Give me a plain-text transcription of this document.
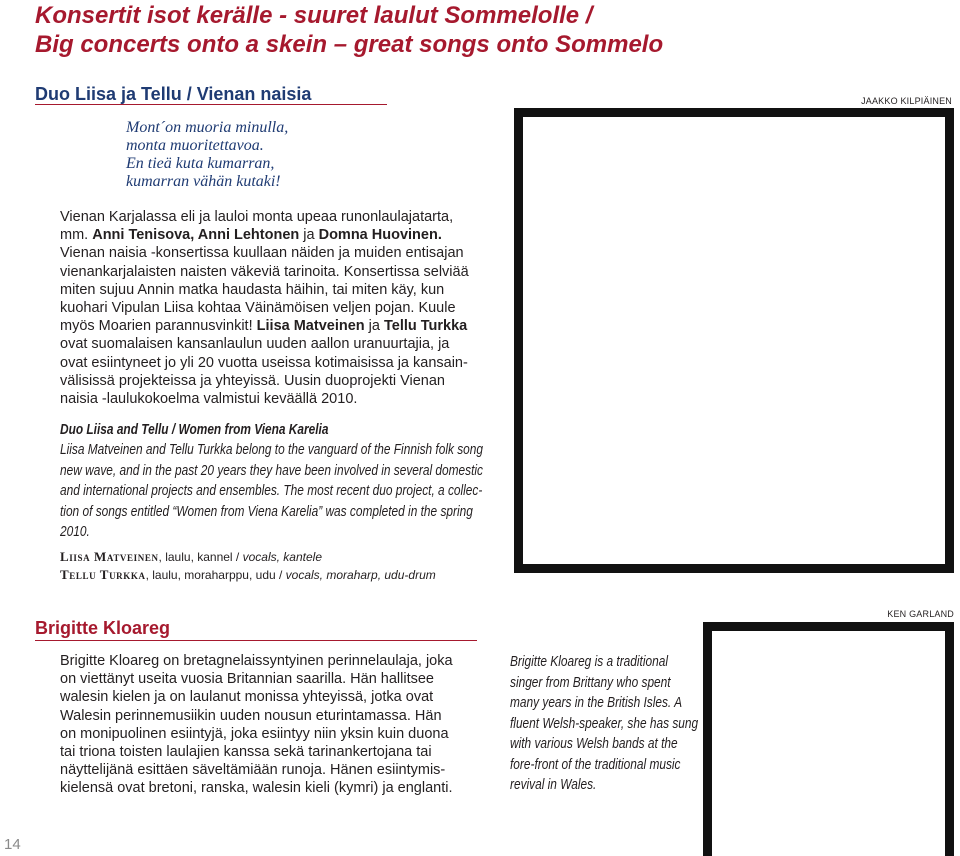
Konsertit isot kerälle - suuret laulut Sommelolle /
Big concerts onto a skein – great songs onto Sommelo
Duo Liisa ja Tellu / Vienan naisia	JAAKKO KILPIÄINEN
Mont´on muoria minulla,
monta muoritettavoa.
En tieä kuta kumarran,
kumarran vähän kutaki!
Vienan Karjalassa eli ja lauloi monta upeaa runonlaulajatarta,
mm. Anni Tenisova, Anni Lehtonen ja Domna Huovinen.
Vienan naisia -konsertissa kuullaan näiden ja muiden entisajan
vienankarjalaisten naisten väkeviä tarinoita. Konsertissa selviää
miten sujuu Annin matka haudasta häihin, tai miten käy, kun
kuohari Vipulan Liisa kohtaa Väinämöisen veljen pojan. Kuule
myös Moarien parannusvinkit! Liisa Matveinen ja Tellu Turkka
ovat suomalaisen kansanlaulun uuden aallon uranuurtajia, ja
ovat esiintyneet jo yli 20 vuotta useissa kotimaisissa ja kansain-
välisissä projekteissa ja yhteyissä. Uusin duoprojekti Vienan
naisia -laulukokoelma valmistui keväällä 2010.
Duo Liisa and Tellu / Women from Viena Karelia
Liisa Matveinen and Tellu Turkka belong to the vanguard of the Finnish folk song
new wave, and in the past 20 years they have been involved in several domestic
and international projects and ensembles. The most recent duo project, a collec-
tion of songs entitled “Women from Viena Karelia” was completed in the spring
2010.
Liisa Matveinen, laulu, kannel / vocals, kantele
Tellu Turkka, laulu, moraharppu, udu / vocals, moraharp, udu-drum
Brigitte Kloareg
KEN GARLAND
Brigitte Kloareg on bretagnelaissyntyinen perinnelaulaja, joka
on viettänyt useita vuosia Britannian saarilla. Hän hallitsee
walesin kielen ja on laulanut monissa yhteyissä, jotka ovat
Walesin perinnemusiikin uuden nousun eturintamassa. Hän
on monipuolinen esiintyjä, joka esiintyy niin yksin kuin duona
tai triona toisten laulajien kanssa sekä tarinankertojana tai
näyttelijänä esittäen säveltämiään runoja. Hänen esiintymis-
kielensä ovat bretoni, ranska, walesin kieli (kymri) ja englanti.
Brigitte Kloareg is a traditional
singer from Brittany who spent
many years in the British Isles. A
fluent Welsh-speaker, she has sung
with various Welsh bands at the
fore-front of the traditional music
revival in Wales.
14
